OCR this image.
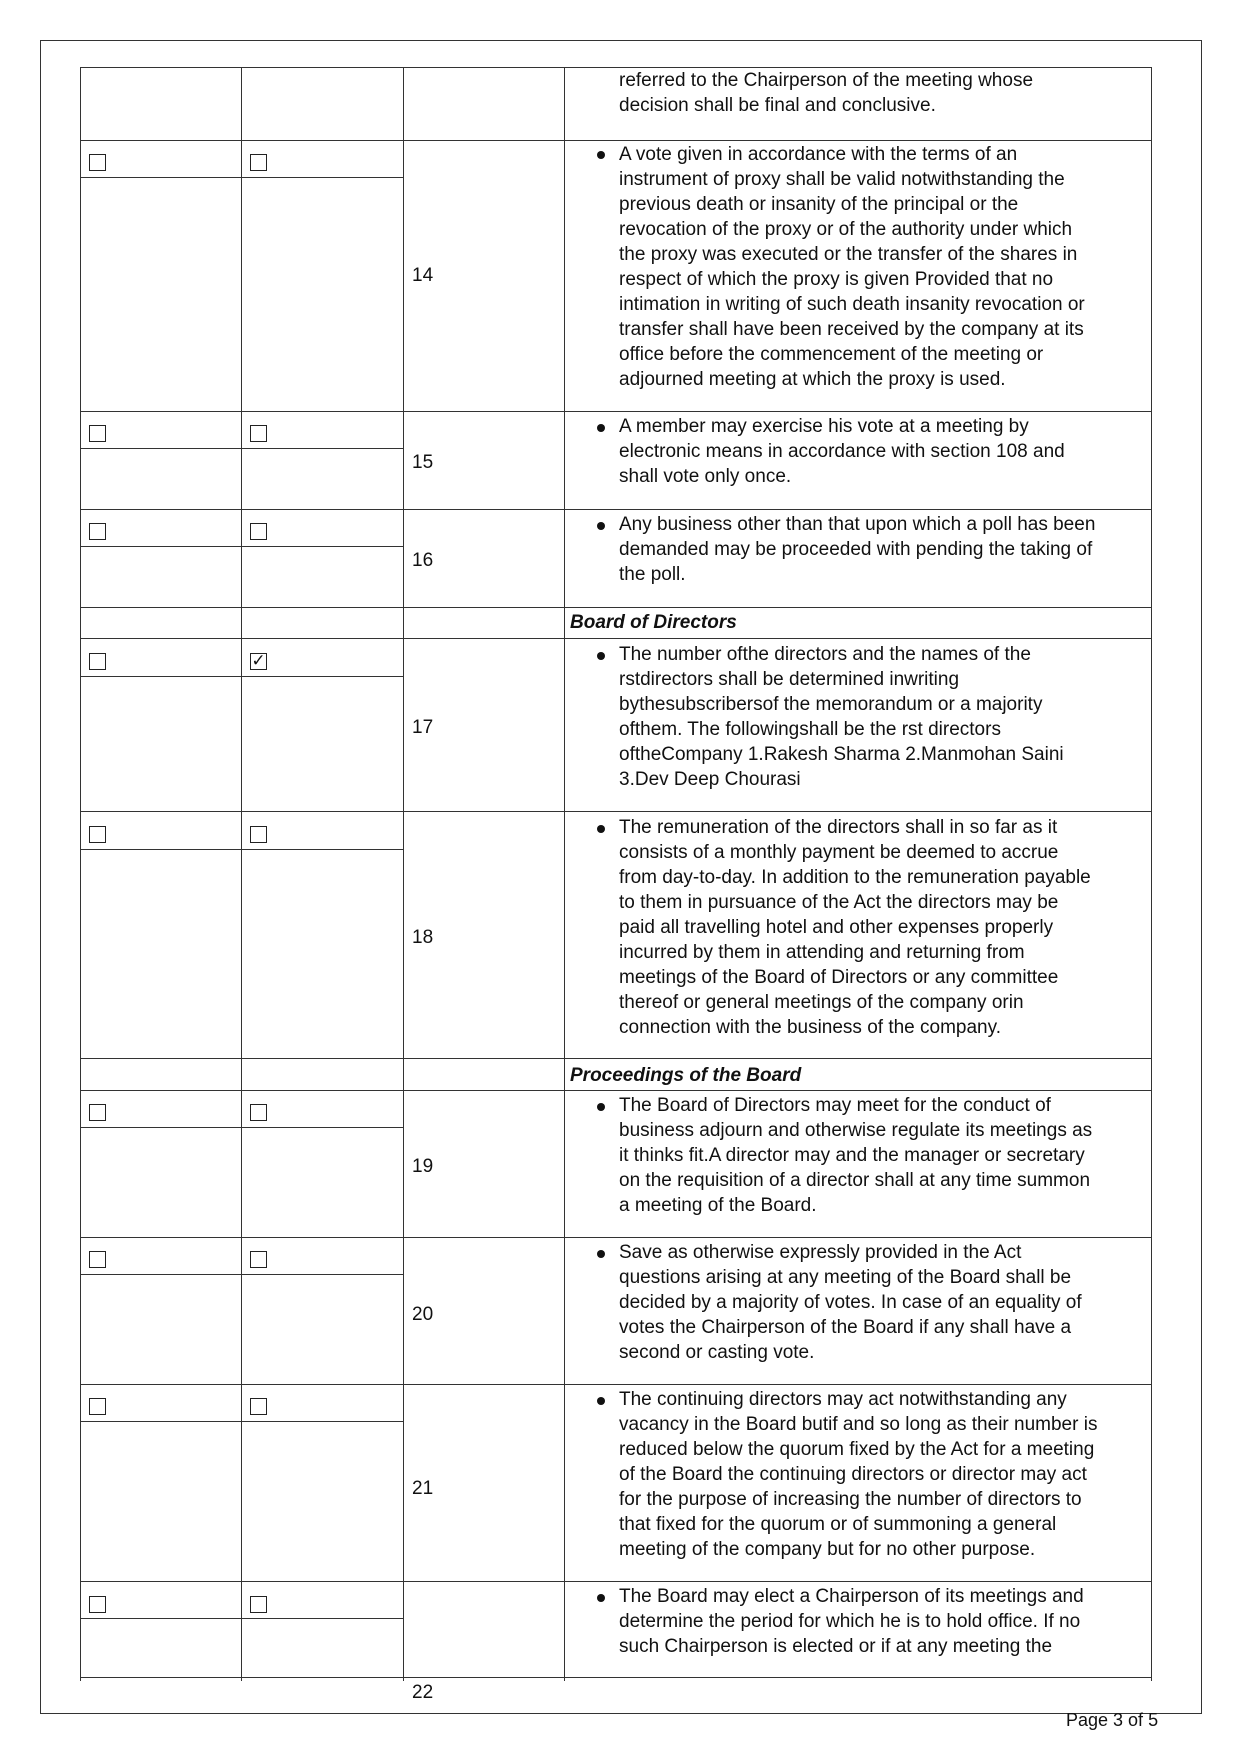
referred to the Chairperson of the meeting whose
decision shall be final and conclusive.
14
A vote given in accordance with the terms of an
instrument of proxy shall be valid notwithstanding the
previous death or insanity of the principal or the
revocation of the proxy or of the authority under which
the proxy was executed or the transfer of the shares in
respect of which the proxy is given Provided that no
intimation in writing of such death insanity revocation or
transfer shall have been received by the company at its
office before the commencement of the meeting or
adjourned meeting at which the proxy is used.
15
A member may exercise his vote at a meeting by
electronic means in accordance with section 108 and
shall vote only once.
16
Any business other than that upon which a poll has been
demanded may be proceeded with pending the taking of
the poll.
Board of Directors
✓
17
The number ofthe directors and the names of the
rstdirectors shall be determined inwriting
bythesubscribersof the memorandum or a majority
ofthem. The followingshall be the rst directors
oftheCompany 1.Rakesh Sharma 2.Manmohan Saini
3.Dev Deep Chourasi
18
The remuneration of the directors shall in so far as it
consists of a monthly payment be deemed to accrue
from day-to-day. In addition to the remuneration payable
to them in pursuance of the Act the directors may be
paid all travelling hotel and other expenses properly
incurred by them in attending and returning from
meetings of the Board of Directors or any committee
thereof or general meetings of the company orin
connection with the business of the company.
Proceedings of the Board
19
The Board of Directors may meet for the conduct of
business adjourn and otherwise regulate its meetings as
it thinks fit.A director may and the manager or secretary
on the requisition of a director shall at any time summon
a meeting of the Board.
20
Save as otherwise expressly provided in the Act
questions arising at any meeting of the Board shall be
decided by a majority of votes. In case of an equality of
votes the Chairperson of the Board if any shall have a
second or casting vote.
21
The continuing directors may act notwithstanding any
vacancy in the Board butif and so long as their number is
reduced below the quorum fixed by the Act for a meeting
of the Board the continuing directors or director may act
for the purpose of increasing the number of directors to
that fixed for the quorum or of summoning a general
meeting of the company but for no other purpose.
22
The Board may elect a Chairperson of its meetings and
determine the period for which he is to hold office. If no
such Chairperson is elected or if at any meeting the
Page 3 of 5
